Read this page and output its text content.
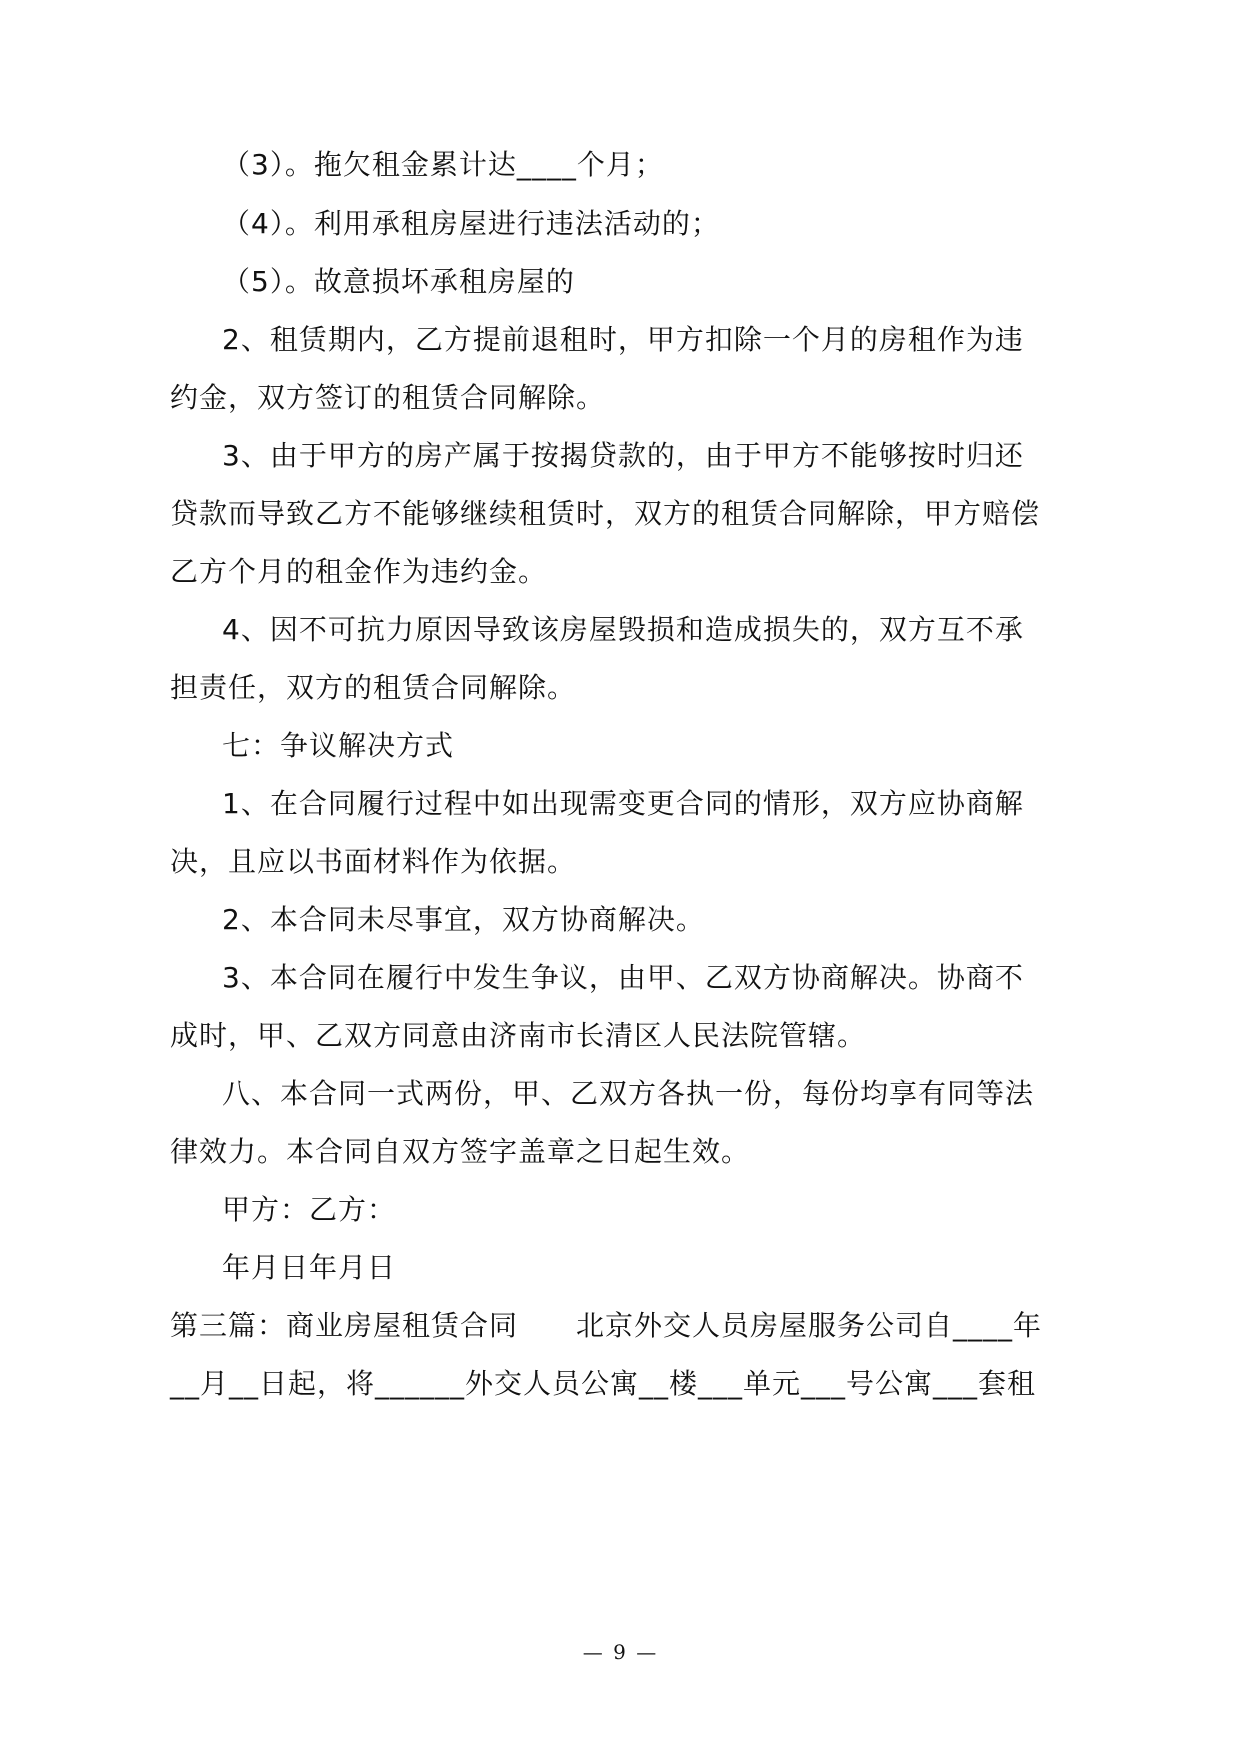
（3）。拖欠租金累计达____个月；
（4）。利用承租房屋进行违法活动的；
（5）。故意损坏承租房屋的
2、租赁期内，乙方提前退租时，甲方扣除一个月的房租作为违
约金，双方签订的租赁合同解除。
3、由于甲方的房产属于按揭贷款的，由于甲方不能够按时归还
贷款而导致乙方不能够继续租赁时，双方的租赁合同解除，甲方赔偿
乙方个月的租金作为违约金。
4、因不可抗力原因导致该房屋毁损和造成损失的，双方互不承
担责任，双方的租赁合同解除。
七：争议解决方式
1、在合同履行过程中如出现需变更合同的情形，双方应协商解
决，且应以书面材料作为依据。
2、本合同未尽事宜，双方协商解决。
3、本合同在履行中发生争议，由甲、乙双方协商解决。协商不
成时，甲、乙双方同意由济南市长清区人民法院管辖。
八、本合同一式两份，甲、乙双方各执一份，每份均享有同等法
律效力。本合同自双方签字盖章之日起生效。
甲方：乙方：
年月日年月日
第三篇：商业房屋租赁合同　　北京外交人员房屋服务公司自____年
__月__日起，将______外交人员公寓__楼___单元___号公寓___套租
— 9 —
